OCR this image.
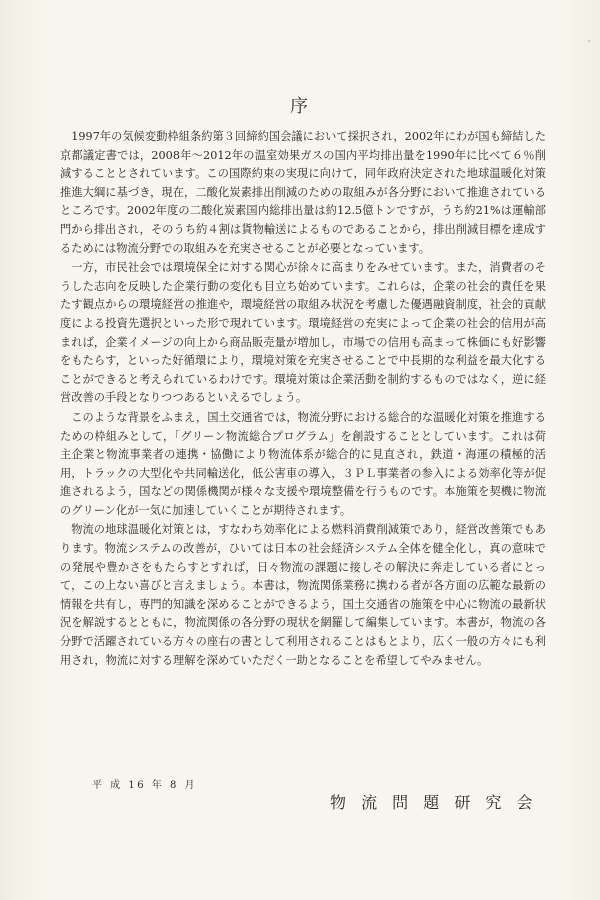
序

1997年の気候変動枠組条約第３回締約国会議において採択され，2002年にわが国も締結した京都議定書では，2008年～2012年の温室効果ガスの国内平均排出量を1990年に比べて６％削減することとされています。この国際約束の実現に向けて，同年政府決定された地球温暖化対策推進大綱に基づき，現在，二酸化炭素排出削減のための取組みが各分野において推進されているところです。2002年度の二酸化炭素国内総排出量は約12.5億トンですが，うち約21%は運輸部門から排出され，そのうち約４割は貨物輸送によるものであることから，排出削減目標を達成するためには物流分野での取組みを充実させることが必要となっています。

一方，市民社会では環境保全に対する関心が徐々に高まりをみせています。また，消費者のそうした志向を反映した企業行動の変化も目立ち始めています。これらは，企業の社会的責任を果たす観点からの環境経営の推進や，環境経営の取組み状況を考慮した優遇融資制度，社会的貢献度による投資先選択といった形で現れています。環境経営の充実によって企業の社会的信用が高まれば，企業イメージの向上から商品販売量が増加し，市場での信用も高まって株価にも好影響をもたらす，といった好循環により，環境対策を充実させることで中長期的な利益を最大化することができると考えられているわけです。環境対策は企業活動を制約するものではなく，逆に経営改善の手段となりつつあるといえるでしょう。

このような背景をふまえ，国土交通省では，物流分野における総合的な温暖化対策を推進するための枠組みとして，「グリーン物流総合プログラム」を創設することとしています。これは荷主企業と物流事業者の連携・協働により物流体系が総合的に見直され，鉄道・海運の積極的活用，トラックの大型化や共同輸送化，低公害車の導入，３ＰＬ事業者の参入による効率化等が促進されるよう，国などの関係機関が様々な支援や環境整備を行うものです。本施策を契機に物流のグリーン化が一気に加速していくことが期待されます。

物流の地球温暖化対策とは，すなわち効率化による燃料消費削減策であり，経営改善策でもあります。物流システムの改善が，ひいては日本の社会経済システム全体を健全化し，真の意味での発展や豊かさをもたらすとすれば，日々物流の課題に接しその解決に奔走している者にとって，この上ない喜びと言えましょう。本書は，物流関係業務に携わる者が各方面の広範な最新の情報を共有し，専門的知識を深めることができるよう，国土交通省の施策を中心に物流の最新状況を解説するとともに，物流関係の各分野の現状を網羅して編集しています。本書が，物流の各分野で活躍されている方々の座右の書として利用されることはもとより，広く一般の方々にも利用され，物流に対する理解を深めていただく一助となることを希望してやみません。

平 成 16 年 8 月
物 流 問 題 研 究 会
